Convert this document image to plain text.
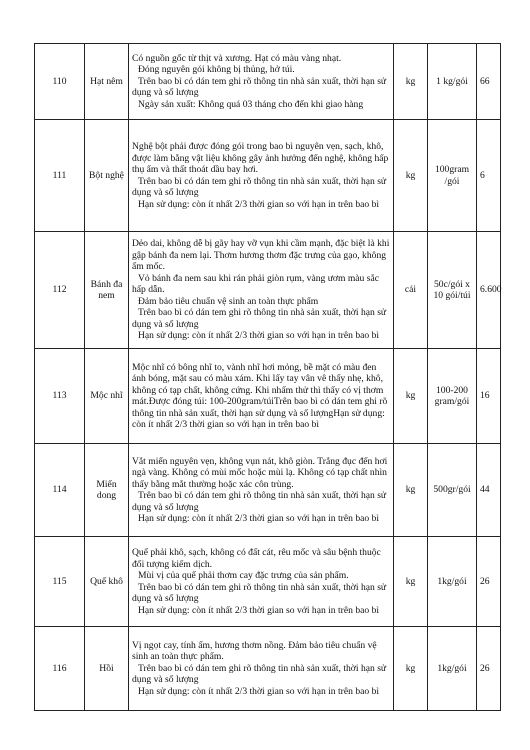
110	Hạt nêm	Có nguồn gốc từ thịt và xương. Hạt có màu vàng nhạt.
Đóng nguyên gói không bị thủng, hở túi.
Trên bao bì có dán tem ghi rõ thông tin nhà sản xuất, thời hạn sử dụng và số lượng
Ngày sản xuất: Không quá 03 tháng cho đến khi giao hàng	kg	1 kg/gói	66
111	Bột nghệ	Nghệ bột phải được đóng gói trong bao bì nguyên vẹn, sạch, khô, được làm bằng vật liệu không gây ảnh hưởng đến nghệ, không hấp thụ ẩm và thất thoát dầu bay hơi.
Trên bao bì có dán tem ghi rõ thông tin nhà sản xuất, thời hạn sử dụng và số lượng
Hạn sử dụng: còn ít nhất 2/3 thời gian so với hạn in trên bao bì	kg	100gram /gói	6
112	Bánh đa nem	Dẻo dai, không dễ bị gãy hay vỡ vụn khi cầm mạnh, đặc biệt là khi gập bánh đa nem lại. Thơm hương thơm đặc trưng của gạo, không ẩm mốc.
Vỏ bánh đa nem sau khi rán phải giòn rụm, vàng ươm màu sắc hấp dẫn.
Đảm bảo tiêu chuẩn vệ sinh an toàn thực phẩm
Trên bao bì có dán tem ghi rõ thông tin nhà sản xuất, thời hạn sử dụng và số lượng
Hạn sử dụng: còn ít nhất 2/3 thời gian so với hạn in trên bao bì	cái	50c/gói x 10 gói/túi	6.600
113	Mộc nhĩ	Mộc nhĩ có bông nhĩ to, vành nhĩ hơi mỏng, bề mặt có màu đen ánh bóng, mặt sau có màu xám. Khi lấy tay vân vê thấy nhẹ, khô, không có tạp chất, không cứng. Khi nhấm thử thì thấy có vị thơm mát.Được đóng túi: 100-200gram/túiTrên bao bì có dán tem ghi rõ thông tin nhà sản xuất, thời hạn sử dụng và số lượngHạn sử dụng: còn ít nhất 2/3 thời gian so với hạn in trên bao bì	kg	100-200 gram/gói	16
114	Miến dong	Vắt miến nguyên vẹn, không vụn nát, khô giòn. Trắng đục đến hơi ngà vàng. Không có mùi mốc hoặc mùi lạ. Không có tạp chất nhìn thấy bằng mắt thường hoặc xác côn trùng.
Trên bao bì có dán tem ghi rõ thông tin nhà sản xuất, thời hạn sử dụng và số lượng
Hạn sử dụng: còn ít nhất 2/3 thời gian so với hạn in trên bao bì	kg	500gr/gói	44
115	Quế khô	Quế phải khô, sạch, không có đất cát, rêu mốc và sâu bệnh thuộc đối tượng kiểm dịch.
Mùi vị của quế phải thơm cay đặc trưng của sản phẩm.
Trên bao bì có dán tem ghi rõ thông tin nhà sản xuất, thời hạn sử dụng và số lượng
Hạn sử dụng: còn ít nhất 2/3 thời gian so với hạn in trên bao bì	kg	1kg/gói	26
116	Hồi	Vị ngọt cay, tính ấm, hương thơm nồng. Đảm bảo tiêu chuẩn vệ sinh an toàn thực phẩm.
Trên bao bì có dán tem ghi rõ thông tin nhà sản xuất, thời hạn sử dụng và số lượng
Hạn sử dụng: còn ít nhất 2/3 thời gian so với hạn in trên bao bì	kg	1kg/gói	26
